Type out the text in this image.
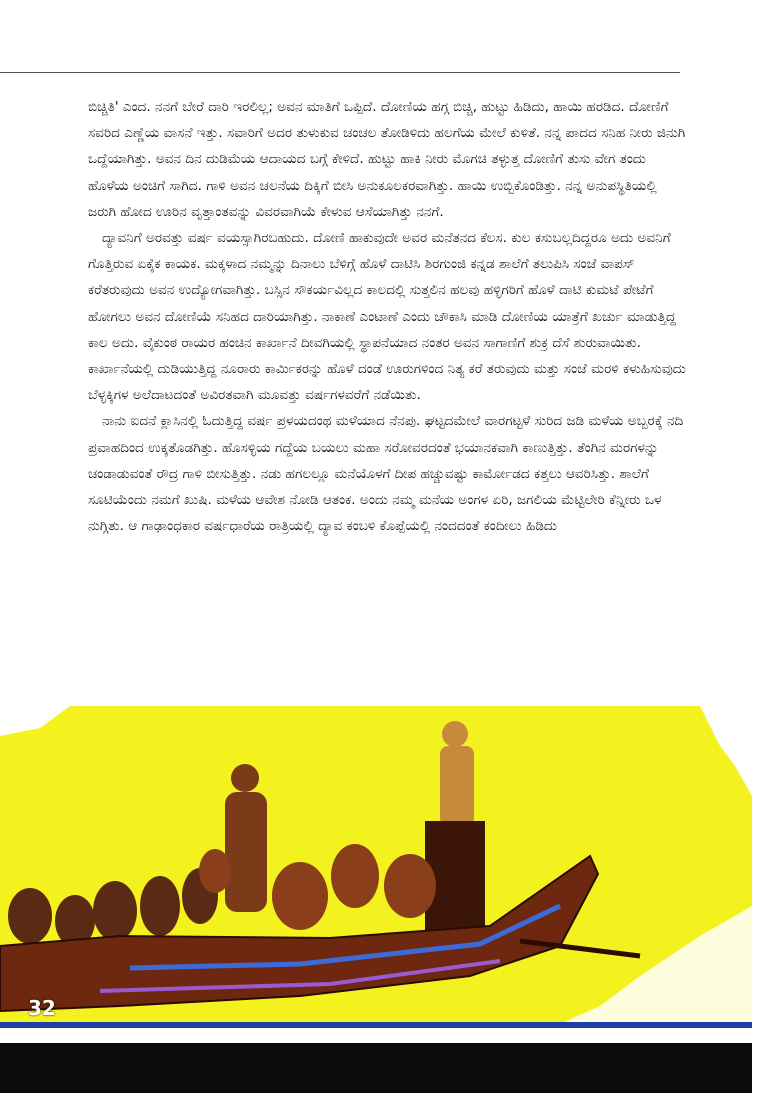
ಬಿಚ್ಚಿತಿ' ಎಂದ. ನನಗೆ ಬೇರೆ ದಾರಿ ಇರಲಿಲ್ಲ; ಅವನ ಮಾತಿಗೆ ಒಪ್ಪಿದೆ. ದೋಣಿಯ ಹಗ್ಗ ಬಿಚ್ಚಿ, ಹುಟ್ಟು ಹಿಡಿದು, ಹಾಯಿ ಹರಡಿದ. ದೋಣಿಗೆ ಸವರಿದ ಎಣ್ಣೆಯ ವಾಸನೆ ಇತ್ತು. ಸವಾರಿಗೆ ಅದರ ತುಳುಕುವ ಚಂಚಲ ತೋಡಿಳಿದು ಹಲಗೆಯ ಮೇಲೆ ಕುಳಿತೆ. ನನ್ನ ಪಾದದ ಸನಿಹ ನೀರು ಜಿನುಗಿ ಒದ್ದೆಯಾಗಿತ್ತು. ಅವನ ದಿನ ದುಡಿಮೆಯ ಆದಾಯದ ಬಗ್ಗೆ ಕೇಳಿದೆ. ಹುಟ್ಟು ಹಾಕಿ ನೀರು ಮೊಗಚಿ ತಳ್ಳುತ್ತ ದೋಣಿಗೆ ತುಸು ವೇಗ ತಂದು ಹೊಳೆಯ ಅಂಚಿಗೆ ಸಾಗಿದ. ಗಾಳಿ ಅವನ ಚಲನೆಯ ದಿಕ್ಕಿಗೆ ಬೀಸಿ ಅನುಕೂಲಕರವಾಗಿತ್ತು. ಹಾಯಿ ಉಬ್ಬಿಕೊಂಡಿತ್ತು. ನನ್ನ ಅನುಪಸ್ಥಿತಿಯಲ್ಲಿ ಜರುಗಿ ಹೋದ ಊರಿನ ವೃತ್ತಾಂತವನ್ನು ವಿವರವಾಗಿಯೆ ಕೇಳುವ ಆಸೆಯಾಗಿತ್ತು ನನಗೆ.

ದ್ಯಾವನಿಗೆ ಅರವತ್ತು ವರ್ಷ ವಯಸ್ಸಾಗಿರಬಹುದು. ದೋಣಿ ಹಾಕುವುದೇ ಅವರ ಮನೆತನದ ಕೆಲಸ. ಕುಲ ಕಸುಬಲ್ಲದಿದ್ದರೂ ಅದು ಅವನಿಗೆ ಗೊತ್ತಿರುವ ಏಕೈಕ ಕಾಯಕ. ಮಕ್ಕಳಾದ ನಮ್ಮನ್ನು ದಿನಾಲು ಬೆಳಿಗ್ಗೆ ಹೊಳೆ ದಾಟಿಸಿ ಶಿರಗುಂಜಿ ಕನ್ನಡ ಶಾಲೆಗೆ ತಲುಪಿಸಿ ಸಂಜೆ ವಾಪಸ್ ಕರೆತರುವುದು ಅವನ ಉದ್ಯೋಗವಾಗಿತ್ತು. ಬಸ್ಸಿನ ಸೌಕರ್ಯವಿಲ್ಲದ ಕಾಲದಲ್ಲಿ ಸುತ್ತಲಿನ ಹಲವು ಹಳ್ಳಿಗರಿಗೆ ಹೊಳೆ ದಾಟಿ ಕುಮಟೆ ಪೇಟೆಗೆ ಹೋಗಲು ಅವನ ದೋಣಿಯೆ ಸನಿಹದ ದಾರಿಯಾಗಿತ್ತು. ನಾಕಾಣೆ ಎಂಟಾಣೆ ಎಂದು ಚೌಕಾಸಿ ಮಾಡಿ ದೋಣಿಯ ಯಾತ್ರೆಗೆ ಖರ್ಚು ಮಾಡುತ್ತಿದ್ದ ಕಾಲ ಅದು. ವೈಕುಂಠ ರಾಯರ ಹಂಚಿನ ಕಾರ್ಖಾನೆ ದೀವಗಿಯಲ್ಲಿ ಸ್ಥಾಪನೆಯಾದ ನಂತರ ಅವನ ಸಾಗಾಣಿಗೆ ಶುಕ್ರ ದೆಸೆ ಶುರುವಾಯಿತು. ಕಾರ್ಖಾನೆಯಲ್ಲಿ ದುಡಿಯುತ್ತಿದ್ದ ನೂರಾರು ಕಾರ್ಮಿಕರನ್ನು ಹೊಳೆ ದಂಡೆ ಊರುಗಳಿಂದ ನಿತ್ಯ ಕರೆ ತರುವುದು ಮತ್ತು ಸಂಜೆ ಮರಳಿ ಕಳುಹಿಸುವುದು ಬೆಳ್ಳಕ್ಕಿಗಳ ಅಲೆದಾಟದಂತೆ ಅವಿರತವಾಗಿ ಮೂವತ್ತು ವರ್ಷಗಳವರೆಗೆ ನಡೆಯಿತು.

ನಾನು ಐದನೆ ಕ್ಲಾಸಿನಲ್ಲಿ ಓದುತ್ತಿದ್ದ ವರ್ಷ ಪ್ರಳಯದಂಥ ಮಳೆಯಾದ ನೆನಪು. ಘಟ್ಟದಮೇಲೆ ವಾರಗಟ್ಟಳೆ ಸುರಿದ ಜಡಿ ಮಳೆಯ ಅಬ್ಬರಕ್ಕೆ ನದಿ ಪ್ರವಾಹದಿಂದ ಉಕ್ಕತೊಡಗಿತ್ತು. ಹೊಸಳ್ಳಿಯ ಗದ್ದೆಯ ಬಯಲು ಮಹಾ ಸರೋವರದಂತೆ ಭಯಾನಕವಾಗಿ ಕಾಣುತ್ತಿತ್ತು. ತೆಂಗಿನ ಮರಗಳನ್ನು ಚಂಡಾಡುವಂತೆ ರೌದ್ರ ಗಾಳಿ ಬೀಸುತ್ತಿತ್ತು. ನಡು ಹಗಲಲ್ಲೂ ಮನೆಯೊಳಗೆ ದೀಪ ಹಚ್ಚುವಷ್ಟು ಕಾರ್ಮೋಡದ ಕತ್ತಲು ಆವರಿಸಿತ್ತು. ಶಾಲೆಗೆ ಸೂಟಿಯೆಂದು ನಮಗೆ ಖುಷಿ. ಮಳೆಯ ಆವೇಶ ನೋಡಿ ಆತಂಕ. ಅಂದು ನಮ್ಮ ಮನೆಯ ಅಂಗಳ ಏರಿ, ಜಗಲಿಯ ಮೆಟ್ಟಿಲೇರಿ ಕೆನ್ನೀರು ಒಳ ನುಗ್ಗಿತು. ಆ ಗಾಢಾಂಧಕಾರ ವರ್ಷಧಾರೆಯ ರಾತ್ರಿಯಲ್ಲಿ ದ್ಯಾವ ಕಂಬಳಿ ಕೊಪ್ಪೆಯಲ್ಲಿ ನಂದದಂತೆ ಕಂದೀಲು ಹಿಡಿದು

32
